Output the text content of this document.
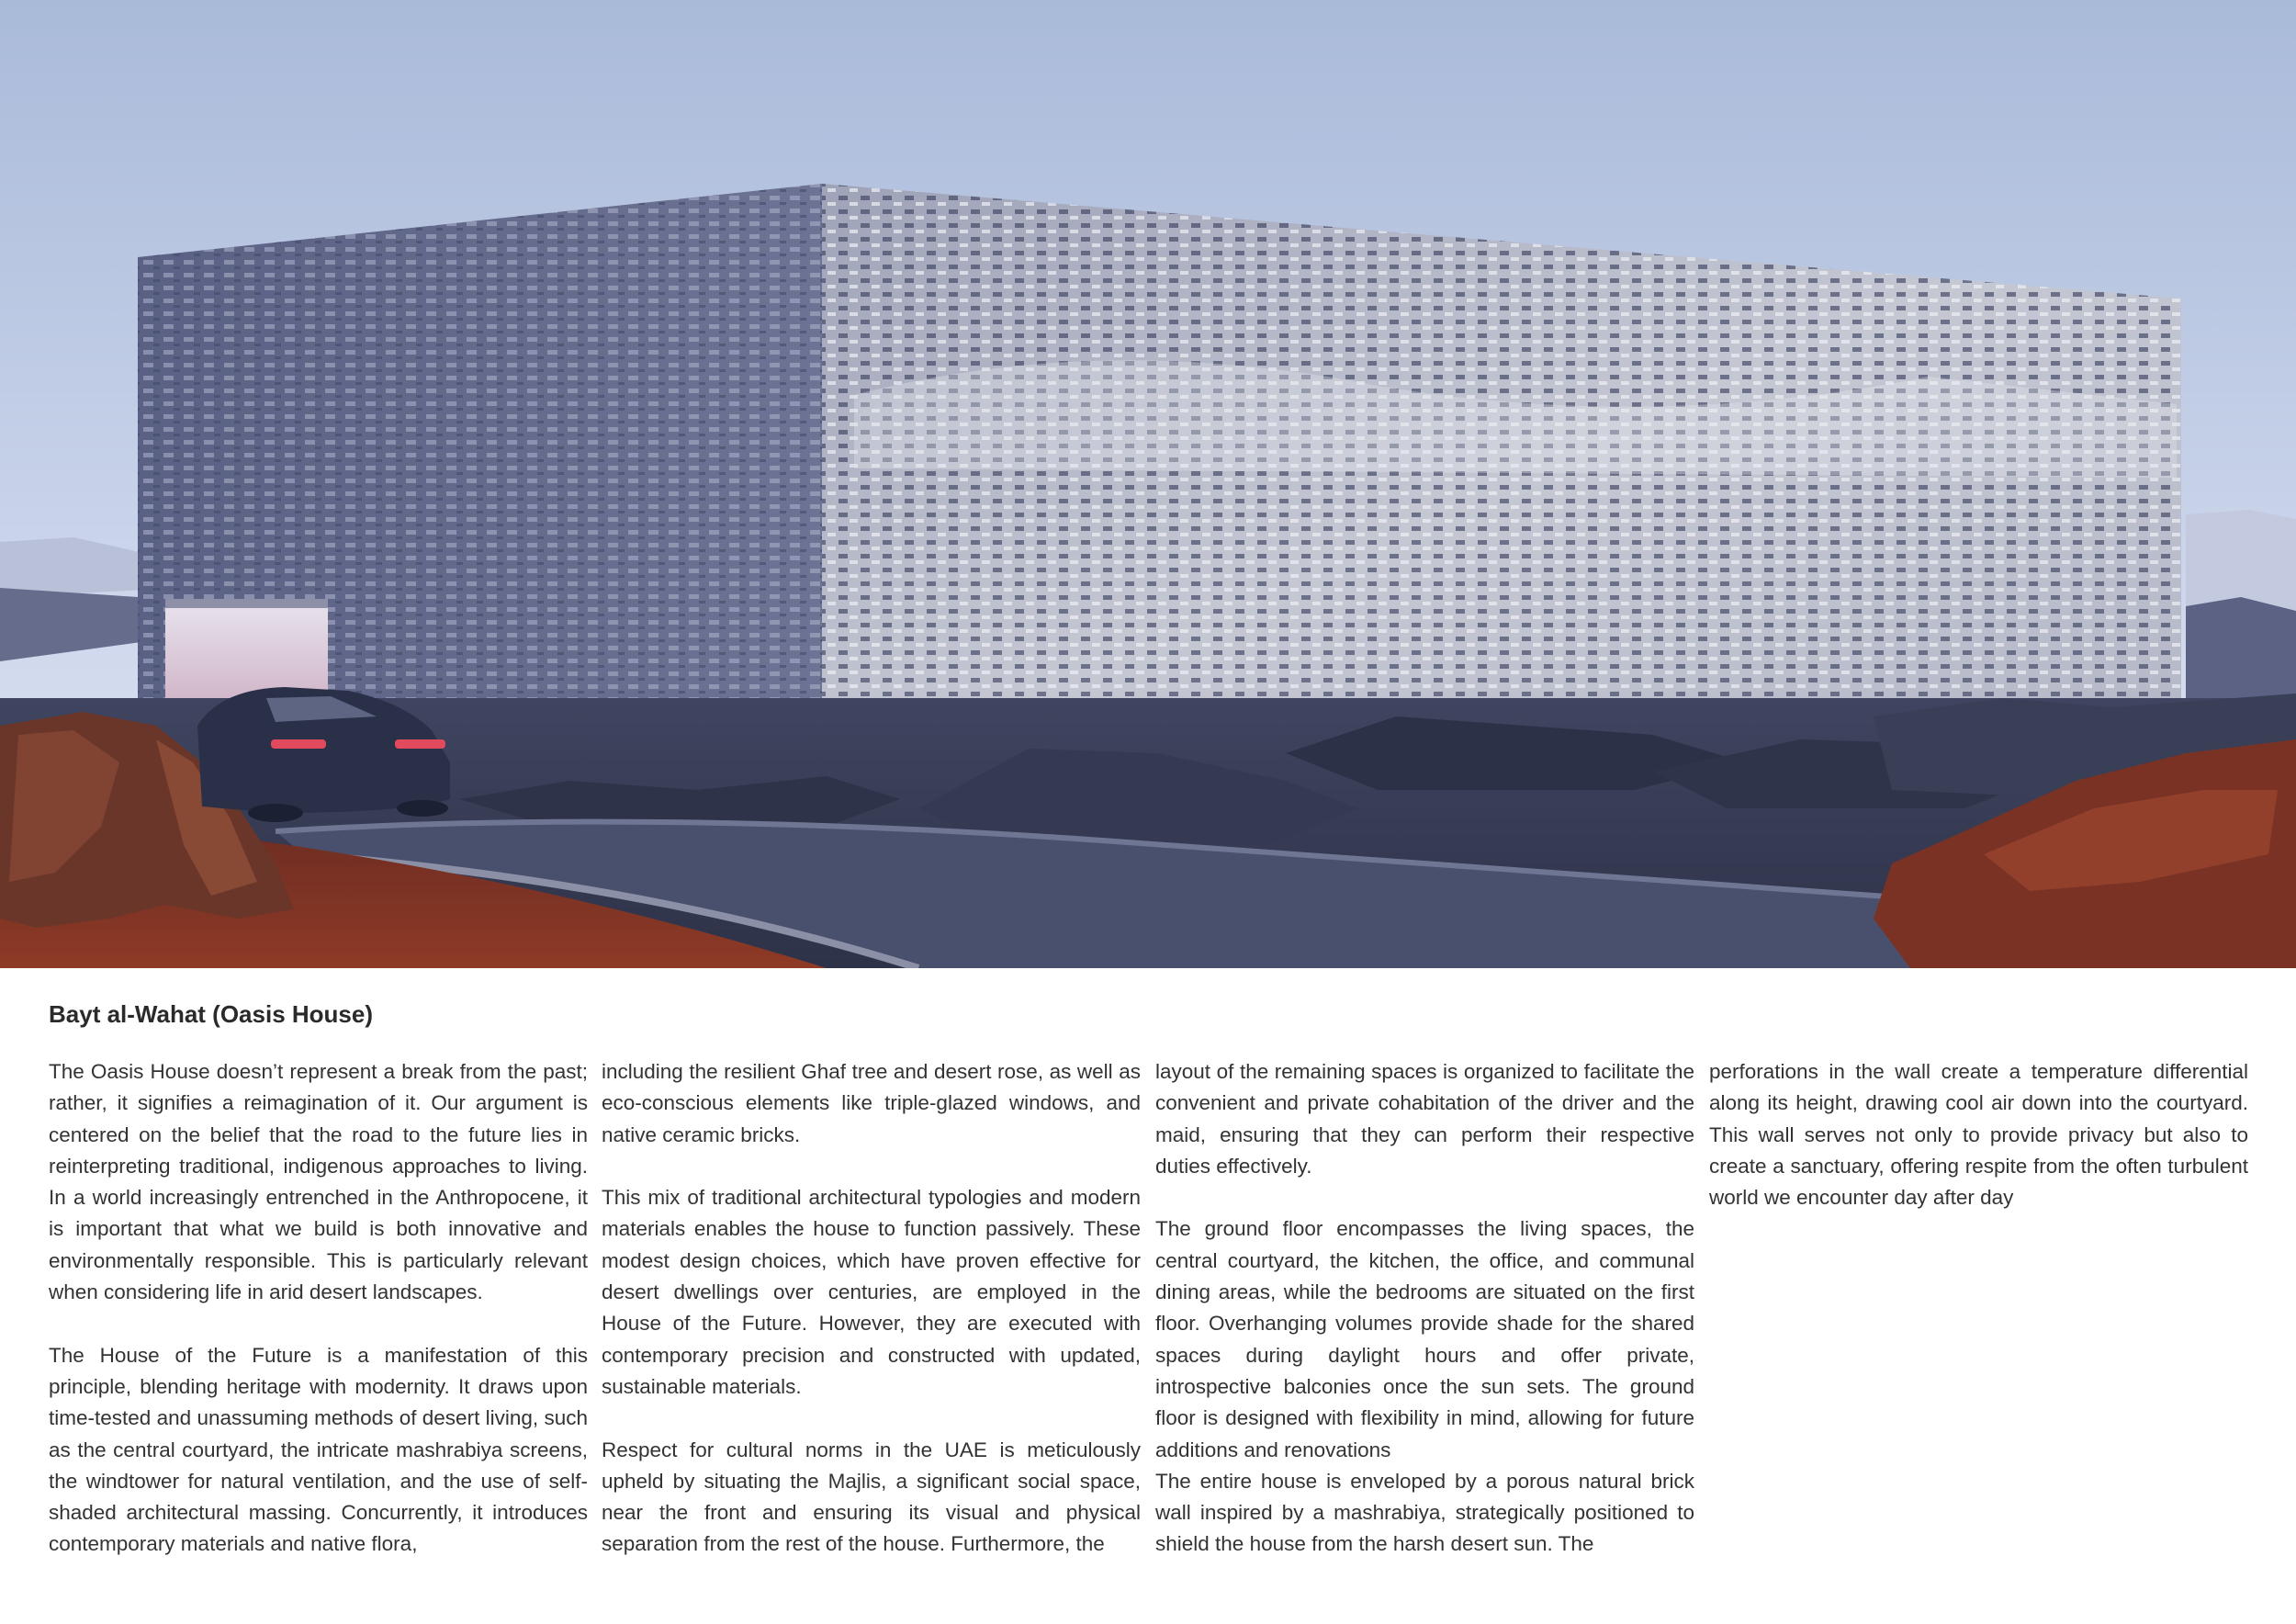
Bayt al-Wahat (Oasis House)

The Oasis House doesn’t represent a break from the past; rather, it signifies a reimagination of it. Our argument is centered on the belief that the road to the future lies in reinterpreting traditional, indigenous approaches to living. In a world increasingly entrenched in the Anthropocene, it is important that what we build is both innovative and environmentally responsible. This is particularly relevant when considering life in arid desert landscapes.

The House of the Future is a manifestation of this principle, blending heritage with modernity. It draws upon time-tested and unassuming methods of desert living, such as the central courtyard, the intricate mashrabiya screens, the windtower for natural ventilation, and the use of self-shaded architectural massing. Concurrently, it introduces contemporary materials and native flora,

including the resilient Ghaf tree and desert rose, as well as eco-conscious elements like triple-glazed windows, and native ceramic bricks.

This mix of traditional architectural typologies and modern materials enables the house to function passively. These modest design choices, which have proven effective for desert dwellings over centuries, are employed in the House of the Future. However, they are executed with contemporary precision and constructed with updated, sustainable materials.

Respect for cultural norms in the UAE is meticulously upheld by situating the Majlis, a significant social space, near the front and ensuring its visual and physical separation from the rest of the house. Furthermore, the

layout of the remaining spaces is organized to facilitate the convenient and private cohabitation of the driver and the maid, ensuring that they can perform their respective duties effectively.

The ground floor encompasses the living spaces, the central courtyard, the kitchen, the office, and communal dining areas, while the bedrooms are situated on the first floor. Overhanging volumes provide shade for the shared spaces during daylight hours and offer private, introspective balconies once the sun sets. The ground floor is designed with flexibility in mind, allowing for future additions and renovations

The entire house is enveloped by a porous natural brick wall inspired by a mashrabiya, strategically positioned to shield the house from the harsh desert sun. The

perforations in the wall create a temperature differential along its height, drawing cool air down into the courtyard. This wall serves not only to provide privacy but also to create a sanctuary, offering respite from the often turbulent world we encounter day after day
